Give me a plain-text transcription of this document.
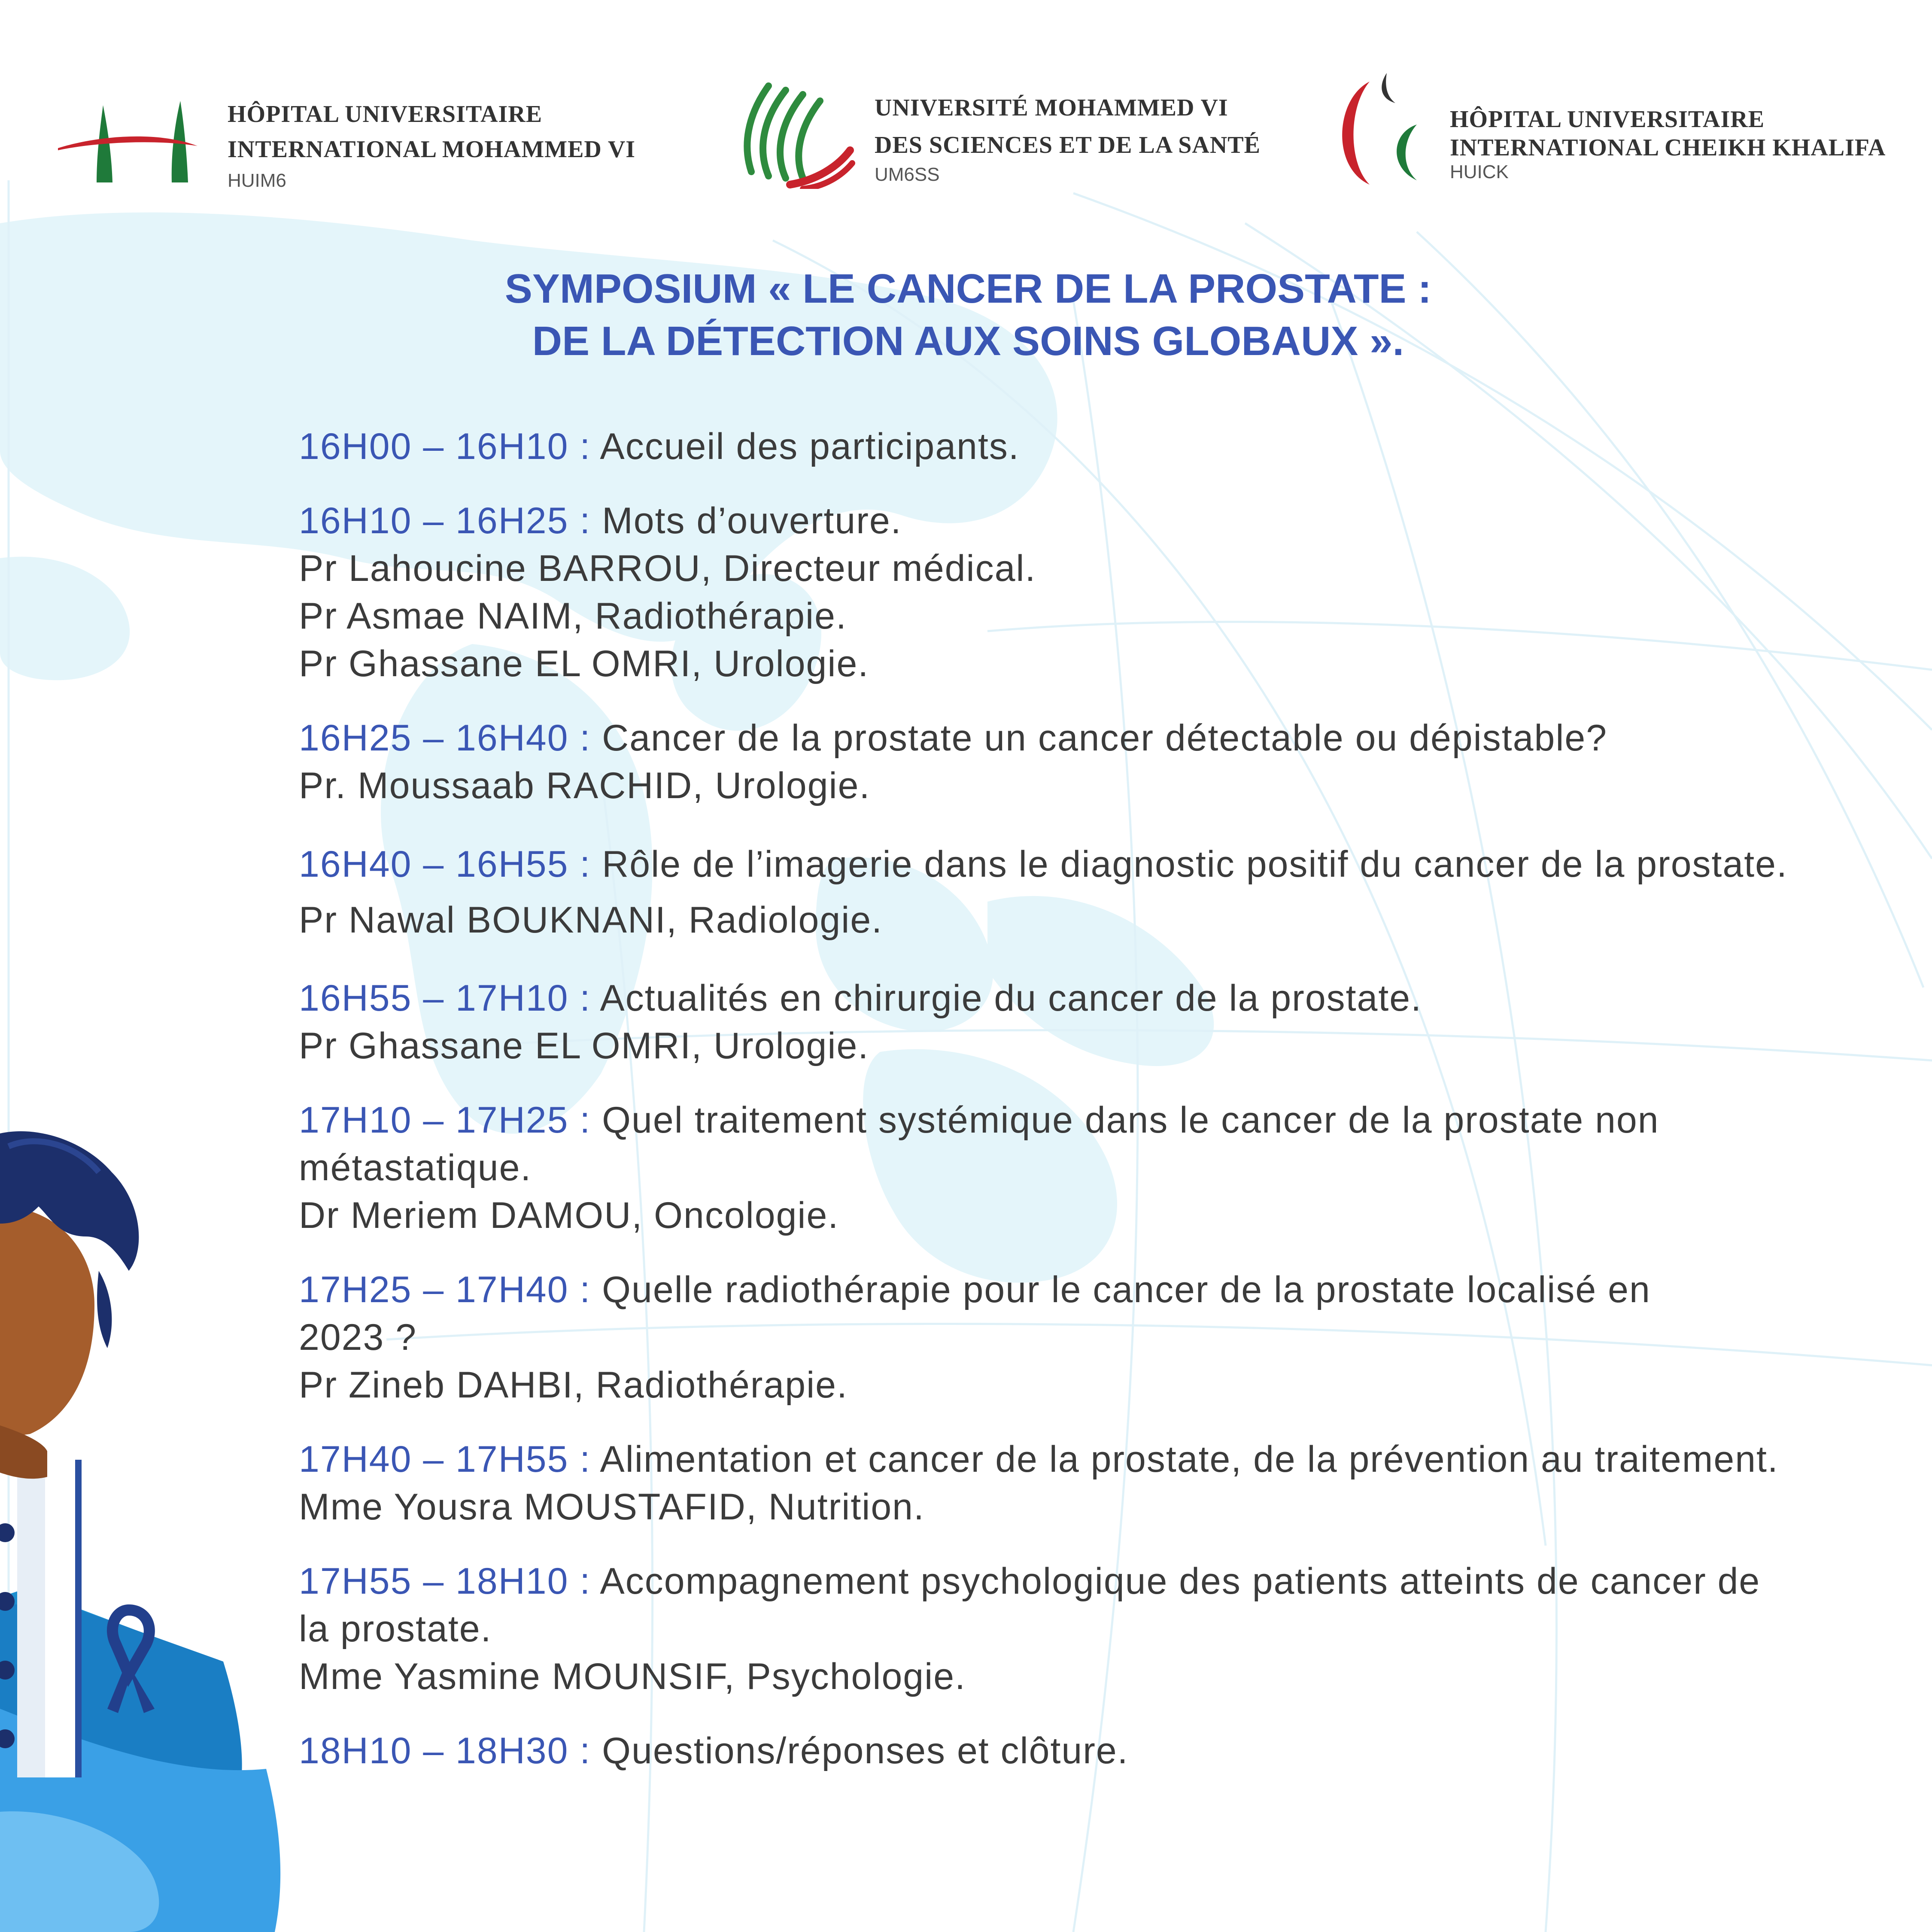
HÔPITAL UNIVERSITAIRE
INTERNATIONAL MOHAMMED VI
HUIM6
UNIVERSITÉ MOHAMMED VI
DES SCIENCES ET DE LA SANTÉ
UM6SS
HÔPITAL UNIVERSITAIRE
INTERNATIONAL CHEIKH KHALIFA
HUICK
SYMPOSIUM « LE CANCER DE LA PROSTATE :
DE LA DÉTECTION AUX SOINS GLOBAUX ».
16H00 – 16H10 : Accueil des participants.
16H10 – 16H25 : Mots d’ouverture.
Pr Lahoucine BARROU, Directeur médical.
Pr Asmae NAIM, Radiothérapie.
Pr Ghassane EL OMRI, Urologie.
16H25 – 16H40 : Cancer de la prostate un cancer détectable ou dépistable?
Pr. Moussaab RACHID, Urologie.
16H40 – 16H55 : Rôle de l’imagerie dans le diagnostic positif du cancer de la prostate.
Pr Nawal BOUKNANI, Radiologie.
16H55 – 17H10 : Actualités en chirurgie du cancer de la prostate.
Pr Ghassane EL OMRI, Urologie.
17H10 – 17H25 : Quel traitement systémique dans le cancer de la prostate non métastatique.
Dr Meriem DAMOU, Oncologie.
17H25 – 17H40 : Quelle radiothérapie pour le cancer de la prostate localisé en 2023 ?
Pr Zineb DAHBI, Radiothérapie.
17H40 – 17H55 : Alimentation et cancer de la prostate, de la prévention au traitement.
Mme Yousra MOUSTAFID, Nutrition.
17H55 – 18H10 : Accompagnement psychologique des patients atteints de cancer de la prostate.
Mme Yasmine MOUNSIF, Psychologie.
18H10 – 18H30 : Questions/réponses et clôture.
